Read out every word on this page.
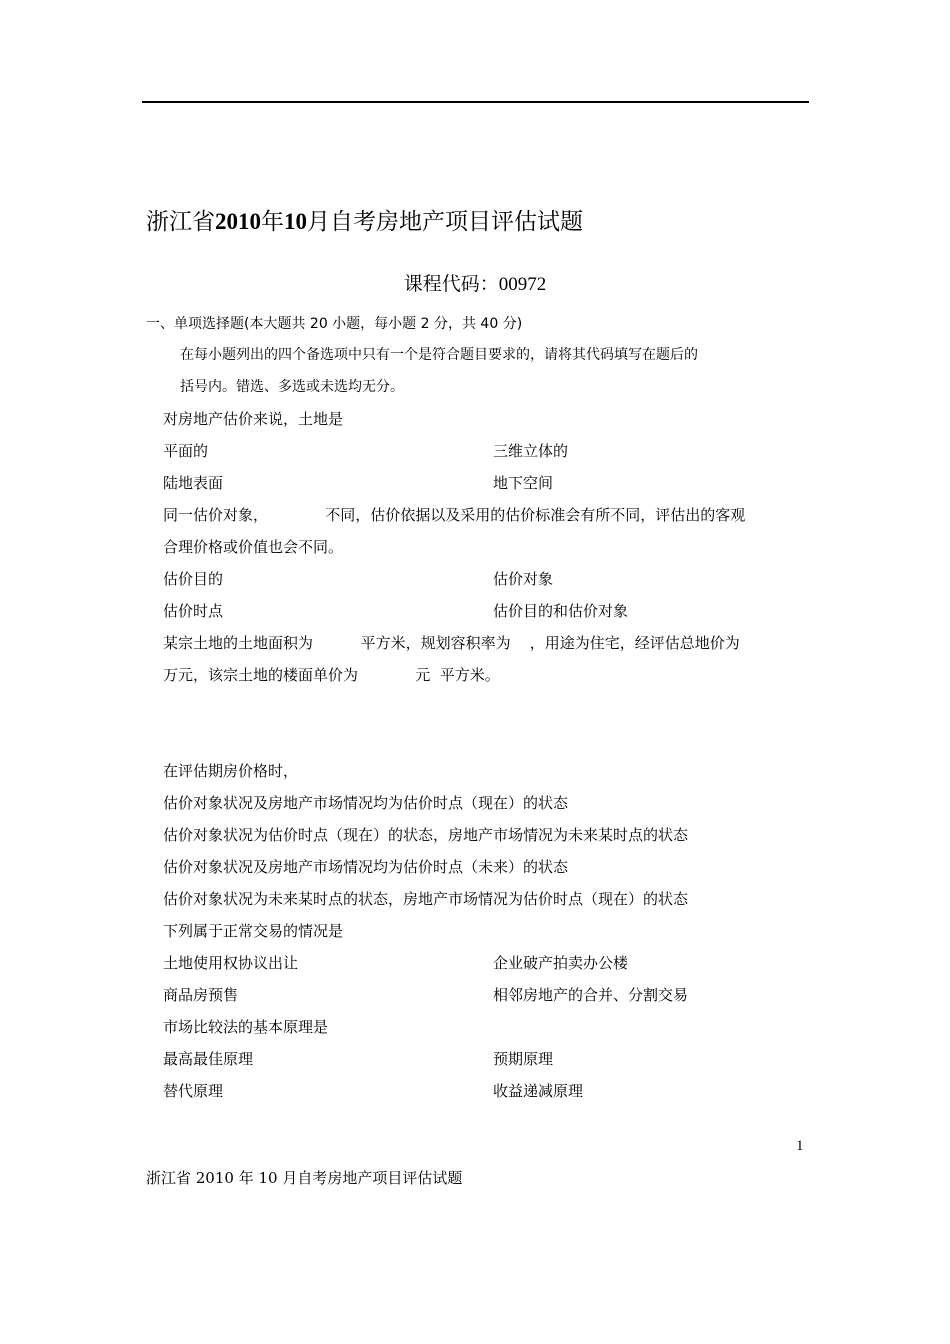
浙江省2010年10月自考房地产项目评估试题
课程代码：00972
一、单项选择题(本大题共 20 小题，每小题 2 分，共 40 分)
在每小题列出的四个备选项中只有一个是符合题目要求的，请将其代码填写在题后的
括号内。错选、多选或未选均无分。
对房地产估价来说，土地是
平面的	三维立体的
陆地表面	地下空间
同一估价对象，            不同，估价依据以及采用的估价标准会有所不同，评估出的客观
合理价格或价值也会不同。
估价目的	估价对象
估价时点	估价目的和估价对象
某宗土地的土地面积为          平方米，规划容积率为    ，用途为住宅，经评估总地价为
万元，该宗土地的楼面单价为            元  平方米。
在评估期房价格时，
估价对象状况及房地产市场情况均为估价时点（现在）的状态
估价对象状况为估价时点（现在）的状态，房地产市场情况为未来某时点的状态
估价对象状况及房地产市场情况均为估价时点（未来）的状态
估价对象状况为未来某时点的状态，房地产市场情况为估价时点（现在）的状态
下列属于正常交易的情况是
土地使用权协议出让	企业破产拍卖办公楼
商品房预售	相邻房地产的合并、分割交易
市场比较法的基本原理是
最高最佳原理	预期原理
替代原理	收益递减原理
1
浙江省 2010 年 10 月自考房地产项目评估试题
